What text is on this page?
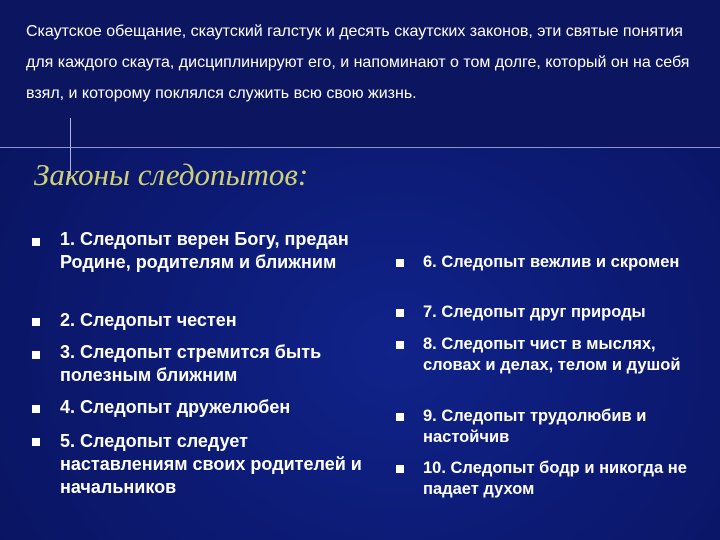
Скаутское обещание, скаутский галстук и десять скаутских законов, эти святые понятия для каждого скаута, дисциплинируют его, и напоминают о том долге, который он на себя взял, и которому поклялся служить всю свою жизнь.

Законы следопытов:
1. Следопыт верен Богу, предан Родине, родителям и ближним
2. Следопыт честен
3. Следопыт стремится быть полезным ближним
4. Следопыт дружелюбен
5. Следопыт следует наставлениям своих родителей и начальников
6. Следопыт вежлив и скромен
7. Следопыт друг природы
8. Следопыт чист в мыслях, словах и делах, телом и душой
9. Следопыт трудолюбив и настойчив
10. Следопыт бодр и никогда не падает духом
